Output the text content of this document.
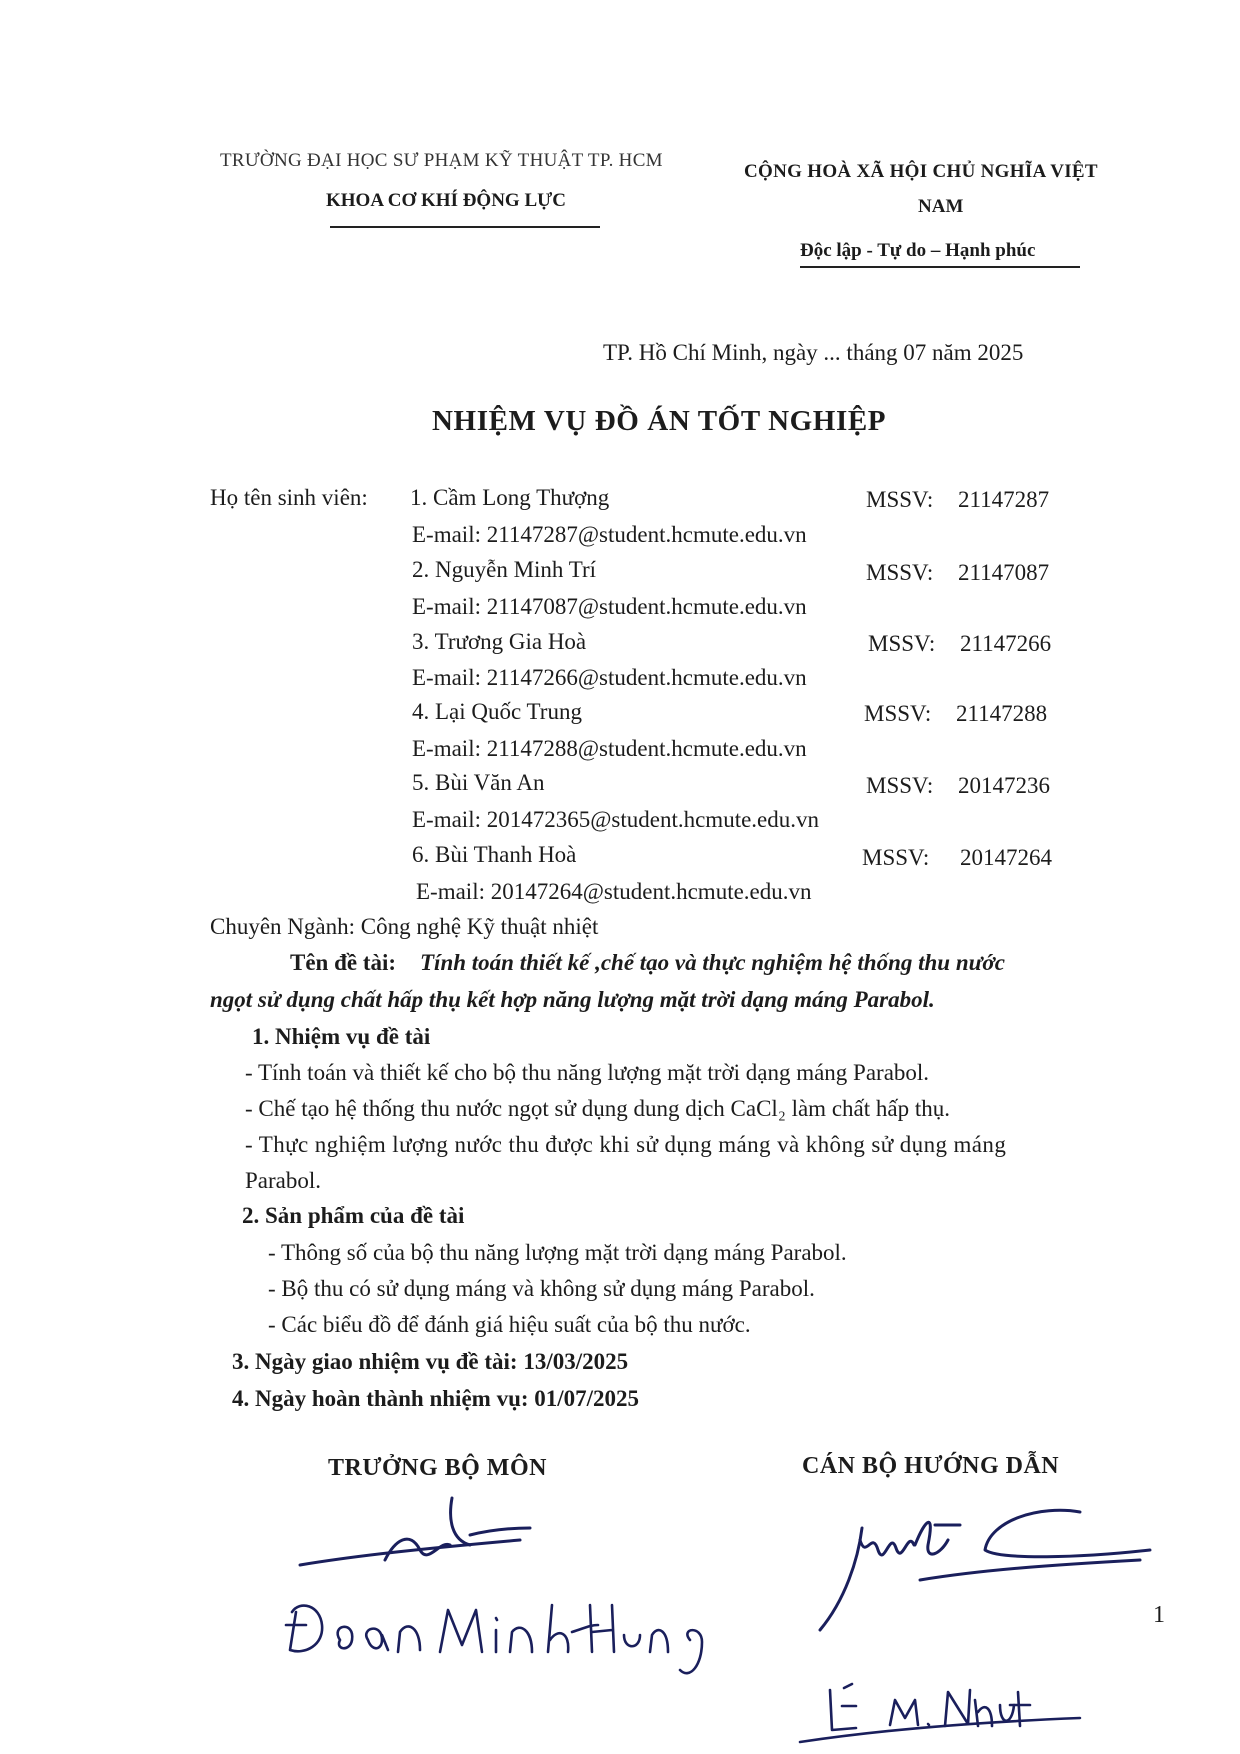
TRƯỜNG ĐẠI HỌC SƯ PHẠM KỸ THUẬT TP. HCM
KHOA CƠ KHÍ ĐỘNG LỰC
CỘNG HOÀ XÃ HỘI CHỦ NGHĨA VIỆT
NAM
Độc lập - Tự do – Hạnh phúc
TP. Hồ Chí Minh, ngày ... tháng 07 năm 2025
NHIỆM VỤ ĐỒ ÁN TỐT NGHIỆP
Họ tên sinh viên: 1. Cầm Long Thượng	MSSV: 21147287
E-mail: 21147287@student.hcmute.edu.vn
2. Nguyễn Minh Trí	MSSV: 21147087
E-mail: 21147087@student.hcmute.edu.vn
3. Trương Gia Hoà	MSSV: 21147266
E-mail: 21147266@student.hcmute.edu.vn
4. Lại Quốc Trung	MSSV: 21147288
E-mail: 21147288@student.hcmute.edu.vn
5. Bùi Văn An	MSSV: 20147236
E-mail: 201472365@student.hcmute.edu.vn
6. Bùi Thanh Hoà	MSSV: 20147264
E-mail: 20147264@student.hcmute.edu.vn
Chuyên Ngành: Công nghệ Kỹ thuật nhiệt
Tên đề tài: Tính toán thiết kế ,chế tạo và thực nghiệm hệ thống thu nước
ngọt sử dụng chất hấp thụ kết hợp năng lượng mặt trời dạng máng Parabol.
1. Nhiệm vụ đề tài
- Tính toán và thiết kế cho bộ thu năng lượng mặt trời dạng máng Parabol.
- Chế tạo hệ thống thu nước ngọt sử dụng dung dịch CaCl₂ làm chất hấp thụ.
- Thực nghiệm lượng nước thu được khi sử dụng máng và không sử dụng máng
Parabol.
2. Sản phẩm của đề tài
- Thông số của bộ thu năng lượng mặt trời dạng máng Parabol.
- Bộ thu có sử dụng máng và không sử dụng máng Parabol.
- Các biểu đồ để đánh giá hiệu suất của bộ thu nước.
3. Ngày giao nhiệm vụ đề tài: 13/03/2025
4. Ngày hoàn thành nhiệm vụ: 01/07/2025
TRƯỞNG BỘ MÔN	CÁN BỘ HƯỚNG DẪN
1
